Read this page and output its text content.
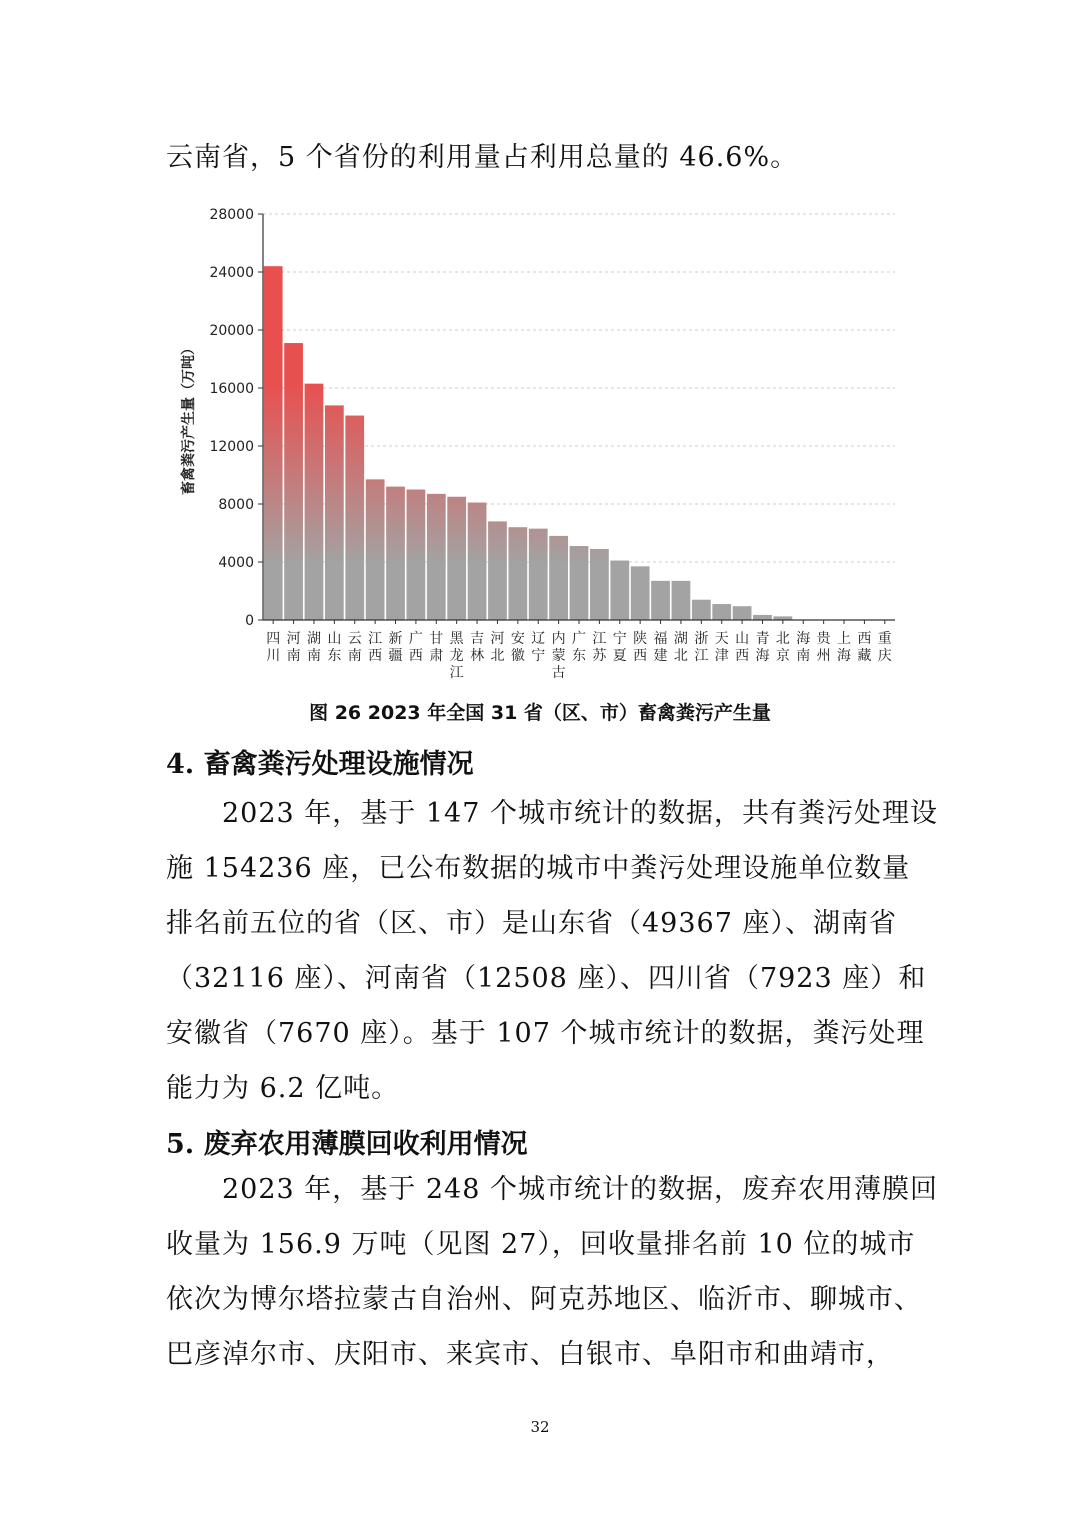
云南省，5 个省份的利用量占利用总量的 46.6%。

0
4000
8000
12000
16000
20000
24000
28000
四川
河南
湖南
山东
云南
江西
新疆
广西
甘肃
黑龙江
吉林
河北
安徽
辽宁
内蒙古
广东
江苏
宁夏
陕西
福建
湖北
浙江
天津
山西
青海
北京
海南
贵州
上海
西藏
重庆
畜禽粪污产生量（万吨）

图 26 2023 年全国 31 省（区、市）畜禽粪污产生量

4. 畜禽粪污处理设施情况
2023 年，基于 147 个城市统计的数据，共有粪污处理设
施 154236 座，已公布数据的城市中粪污处理设施单位数量
排名前五位的省（区、市）是山东省（49367 座）、湖南省
（32116 座）、河南省（12508 座）、四川省（7923 座）和
安徽省（7670 座）。基于 107 个城市统计的数据，粪污处理
能力为 6.2 亿吨。
5. 废弃农用薄膜回收利用情况
2023 年，基于 248 个城市统计的数据，废弃农用薄膜回
收量为 156.9 万吨（见图 27），回收量排名前 10 位的城市
依次为博尔塔拉蒙古自治州、阿克苏地区、临沂市、聊城市、
巴彦淖尔市、庆阳市、来宾市、白银市、阜阳市和曲靖市，

32
